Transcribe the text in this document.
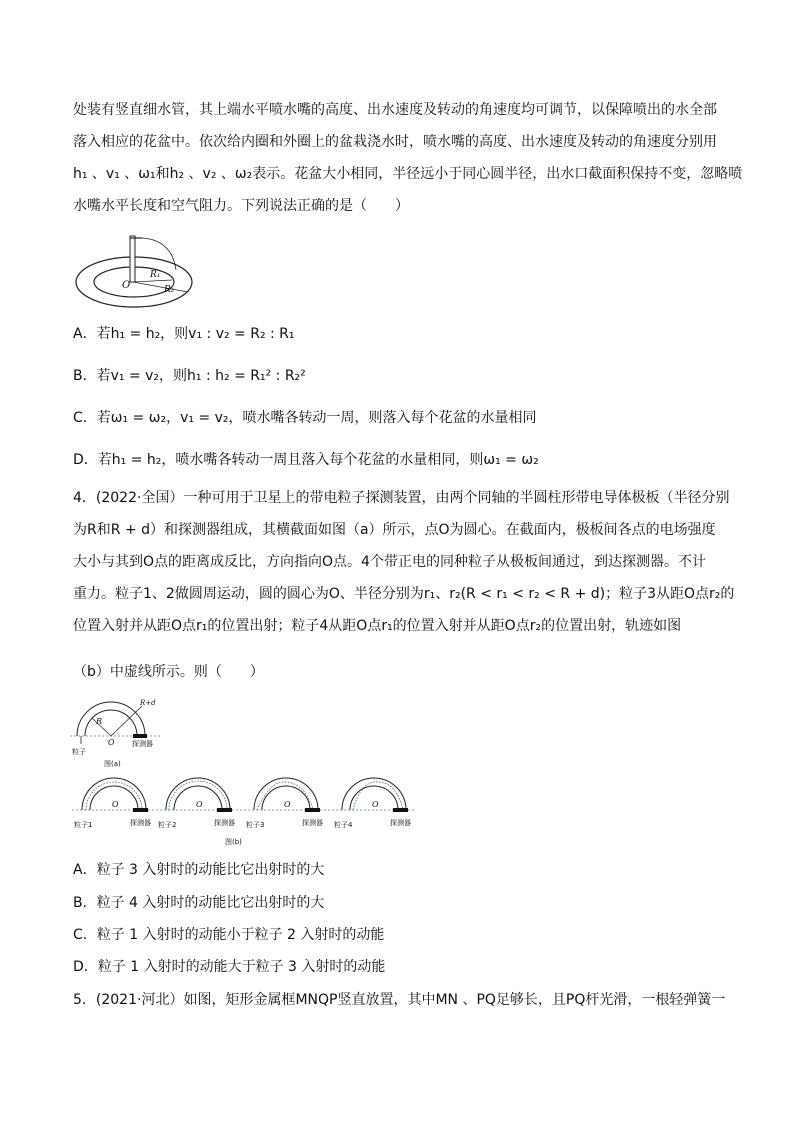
处装有竖直细水管，其上端水平喷水嘴的高度、出水速度及转动的角速度均可调节，以保障喷出的水全部
落入相应的花盆中。依次给内圈和外圈上的盆栽浇水时，喷水嘴的高度、出水速度及转动的角速度分别用
h₁ 、v₁ 、ω₁和h₂ 、v₂ 、ω₂表示。花盆大小相同，半径远小于同心圆半径，出水口截面积保持不变，忽略喷
水嘴水平长度和空气阻力。下列说法正确的是（　　）
O
R₁
R₂
A．若h₁ = h₂，则v₁ : v₂ = R₂ : R₁
B．若v₁ = v₂，则h₁ : h₂ = R₁² : R₂²
C．若ω₁ = ω₂，v₁ = v₂，喷水嘴各转动一周，则落入每个花盆的水量相同
D．若h₁ = h₂，喷水嘴各转动一周且落入每个花盆的水量相同，则ω₁ = ω₂
4．(2022·全国）一种可用于卫星上的带电粒子探测装置，由两个同轴的半圆柱形带电导体极板（半径分别
为R和R + d）和探测器组成，其横截面如图（a）所示，点O为圆心。在截面内，极板间各点的电场强度
大小与其到O点的距离成反比，方向指向O点。4个带正电的同种粒子从极板间通过，到达探测器。不计
重力。粒子1、2做圆周运动，圆的圆心为O、半径分别为r₁、r₂(R < r₁ < r₂ < R + d)；粒子3从距O点r₂的
位置入射并从距O点r₁的位置出射；粒子4从距O点r₁的位置入射并从距O点r₂的位置出射，轨迹如图
（b）中虚线所示。则（　　）
R
R+d
O
粒子
探测器
图(a)
O
粒子1	探测器
O
粒子2	探测器
O
粒子3	探测器
O
粒子4	探测器
图(b)
A．粒子 3 入射时的动能比它出射时的大
B．粒子 4 入射时的动能比它出射时的大
C．粒子 1 入射时的动能小于粒子 2 入射时的动能
D．粒子 1 入射时的动能大于粒子 3 入射时的动能
5．(2021·河北）如图，矩形金属框MNQP竖直放置，其中MN 、PQ足够长，且PQ杆光滑，一根轻弹簧一
